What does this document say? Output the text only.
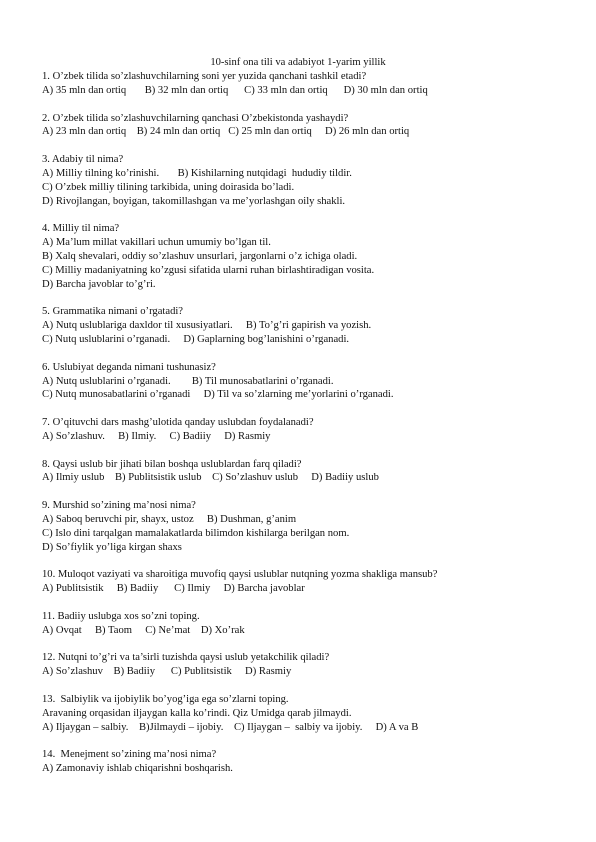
10-sinf ona tili va adabiyot 1-yarim yillik
1. O’zbek tilida so’zlashuvchilarning soni yer yuzida qanchani tashkil etadi?
A) 35 mln dan ortiq       B) 32 mln dan ortiq      C) 33 mln dan ortiq      D) 30 mln dan ortiq
2. O’zbek tilida so’zlashuvchilarning qanchasi O’zbekistonda yashaydi?
A) 23 mln dan ortiq    B) 24 mln dan ortiq   C) 25 mln dan ortiq     D) 26 mln dan ortiq
3. Adabiy til nima?
A) Milliy tilning ko’rinishi.       B) Kishilarning nutqidagi  hududiy tildir.
C) O’zbek milliy tilining tarkibida, uning doirasida bo’ladi.
D) Rivojlangan, boyigan, takomillashgan va me’yorlashgan oily shakli.
4. Milliy til nima?
A) Ma’lum millat vakillari uchun umumiy bo’lgan til.
B) Xalq shevalari, oddiy so’zlashuv unsurlari, jargonlarni o’z ichiga oladi.
C) Milliy madaniyatning ko’zgusi sifatida ularni ruhan birlashtiradigan vosita.
D) Barcha javoblar to’g’ri.
5. Grammatika nimani o’rgatadi?
A) Nutq uslublariga daxldor til xususiyatlari.     B) To’g’ri gapirish va yozish.
C) Nutq uslublarini o’rganadi.     D) Gaplarning bog’lanishini o’rganadi.
6. Uslubiyat deganda nimani tushunasiz?
A) Nutq uslublarini o’rganadi.        B) Til munosabatlarini o’rganadi.
C) Nutq munosabatlarini o’rganadi     D) Til va so’zlarning me’yorlarini o’rganadi.
7. O’qituvchi dars mashg’ulotida qanday uslubdan foydalanadi?
A) So’zlashuv.     B) Ilmiy.     C) Badiiy     D) Rasmiy
8. Qaysi uslub bir jihati bilan boshqa uslublardan farq qiladi?
A) Ilmiy uslub    B) Publitsistik uslub    C) So’zlashuv uslub     D) Badiiy uslub
9. Murshid so’zining ma’nosi nima?
A) Saboq beruvchi pir, shayx, ustoz     B) Dushman, g’anim
C) Islo dini tarqalgan mamalakatlarda bilimdon kishilarga berilgan nom.
D) So’fiylik yo’liga kirgan shaxs
10. Muloqot vaziyati va sharoitiga muvofiq qaysi uslublar nutqning yozma shakliga mansub?
A) Publitsistik     B) Badiiy      C) Ilmiy     D) Barcha javoblar
11. Badiiy uslubga xos so’zni toping.
A) Ovqat     B) Taom     C) Ne’mat    D) Xo’rak
12. Nutqni to’g’ri va ta’sirli tuzishda qaysi uslub yetakchilik qiladi?
A) So’zlashuv    B) Badiiy      C) Publitsistik     D) Rasmiy
13.  Salbiylik va ijobiylik bo’yog’iga ega so’zlarni toping.
Aravaning orqasidan iljaygan kalla ko’rindi. Qiz Umidga qarab jilmaydi.
A) Iljaygan – salbiy.    B)Jilmaydi – ijobiy.    C) Iljaygan –  salbiy va ijobiy.     D) A va B
14.  Menejment so’zining ma’nosi nima?
A) Zamonaviy ishlab chiqarishni boshqarish.
